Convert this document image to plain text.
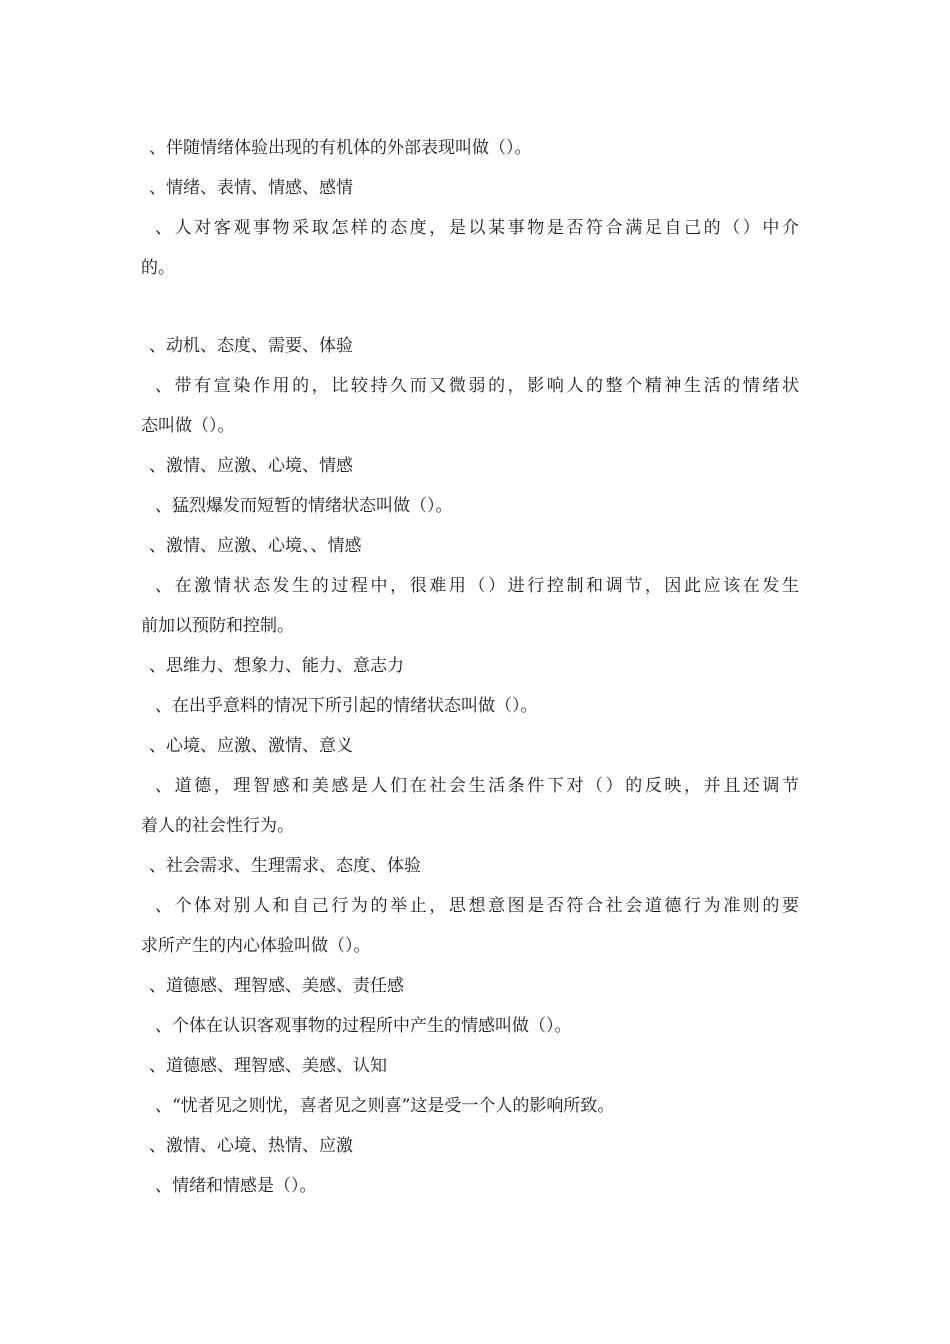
、伴随情绪体验出现的有机体的外部表现叫做（）。

、情绪、表情、情感、感情

、人对客观事物采取怎样的态度，是以某事物是否符合满足自己的（）中介

的。

、动机、态度、需要、体验

、带有宣染作用的，比较持久而又微弱的，影响人的整个精神生活的情绪状

态叫做（）。

、激情、应激、心境、情感

、猛烈爆发而短暂的情绪状态叫做（）。

、激情、应激、心境、、情感

、在激情状态发生的过程中，很难用（）进行控制和调节，因此应该在发生

前加以预防和控制。

、思维力、想象力、能力、意志力

、在出乎意料的情况下所引起的情绪状态叫做（）。

、心境、应激、激情、意义

、道德，理智感和美感是人们在社会生活条件下对（）的反映，并且还调节

着人的社会性行为。

、社会需求、生理需求、态度、体验

、个体对别人和自己行为的举止，思想意图是否符合社会道德行为准则的要

求所产生的内心体验叫做（）。

、道德感、理智感、美感、责任感

、个体在认识客观事物的过程所中产生的情感叫做（）。

、道德感、理智感、美感、认知

、“忧者见之则忧，喜者见之则喜”这是受一个人的影响所致。

、激情、心境、热情、应激

、情绪和情感是（）。
